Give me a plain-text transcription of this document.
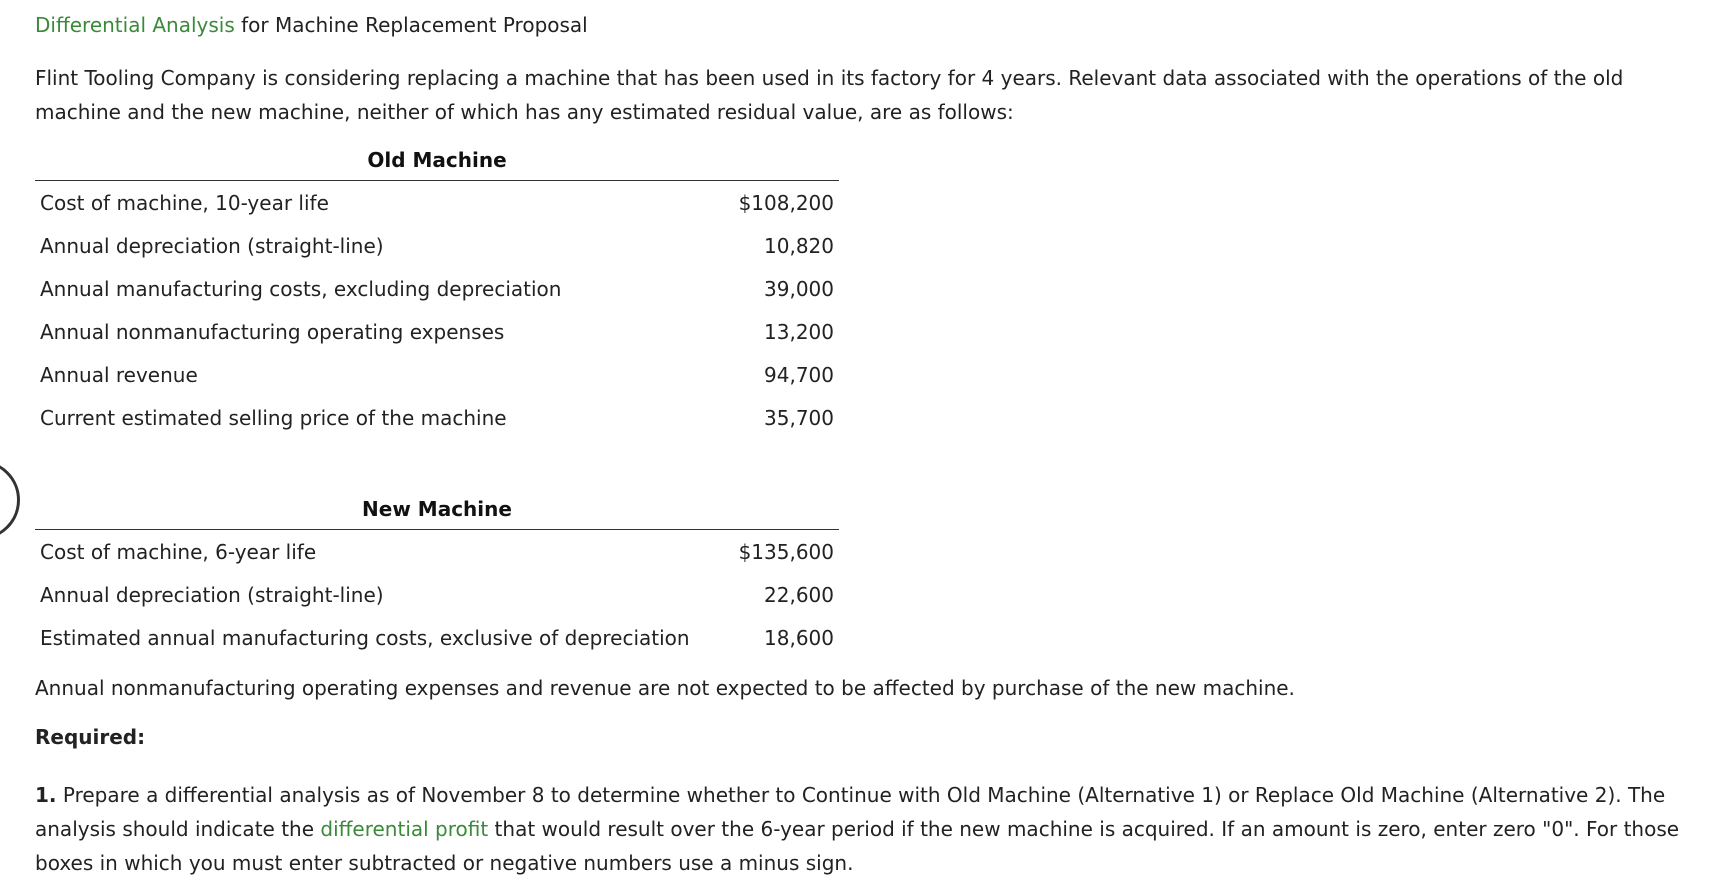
Differential Analysis for Machine Replacement Proposal
Flint Tooling Company is considering replacing a machine that has been used in its factory for 4 years. Relevant data associated with the operations of the old machine and the new machine, neither of which has any estimated residual value, are as follows:
Old Machine	
Cost of machine, 10-year life	$108,200
Annual depreciation (straight-line)	10,820
Annual manufacturing costs, excluding depreciation	39,000
Annual nonmanufacturing operating expenses	13,200
Annual revenue	94,700
Current estimated selling price of the machine	35,700
New Machine	
Cost of machine, 6-year life	$135,600
Annual depreciation (straight-line)	22,600
Estimated annual manufacturing costs, exclusive of depreciation	18,600
Annual nonmanufacturing operating expenses and revenue are not expected to be affected by purchase of the new machine.
Required:
1. Prepare a differential analysis as of November 8 to determine whether to Continue with Old Machine (Alternative 1) or Replace Old Machine (Alternative 2). The analysis should indicate the differential profit that would result over the 6-year period if the new machine is acquired. If an amount is zero, enter zero "0". For those boxes in which you must enter subtracted or negative numbers use a minus sign.
